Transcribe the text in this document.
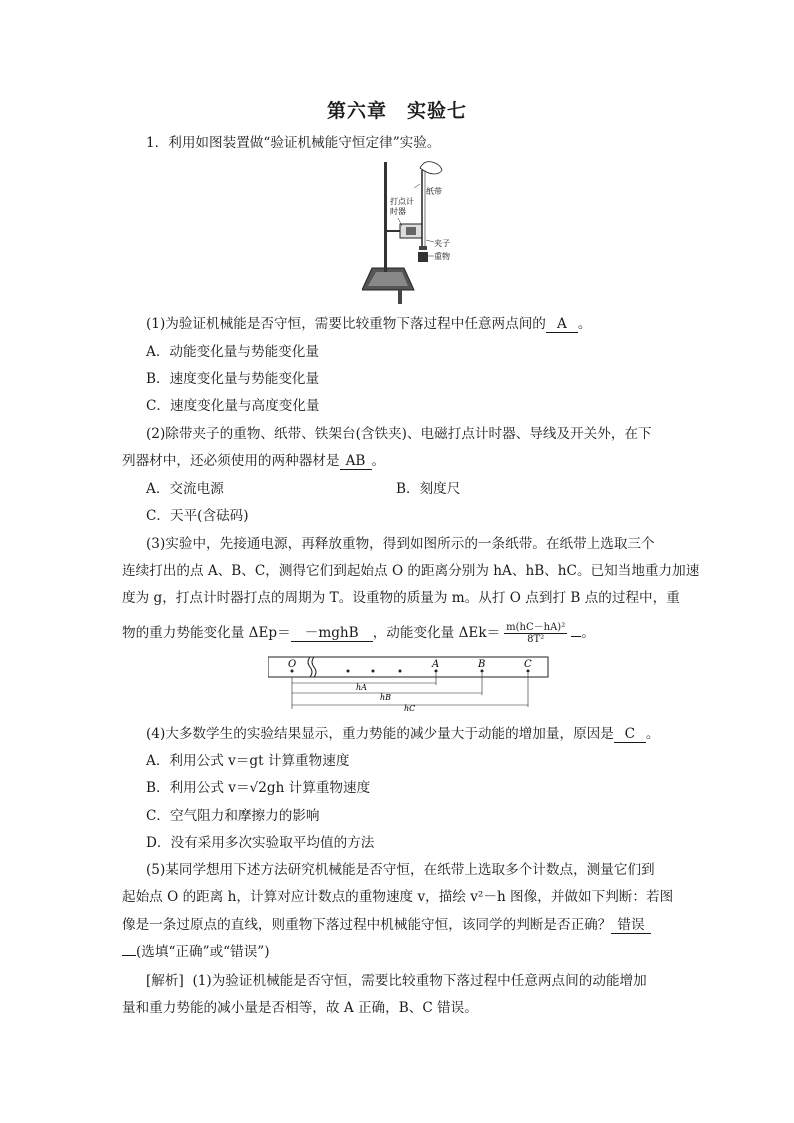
第六章　实验七
1．利用如图装置做“验证机械能守恒定律”实验。
打点计
时器
纸带
夹子
重物
(1)为验证机械能是否守恒，需要比较重物下落过程中任意两点间的 A 。
A．动能变化量与势能变化量
B．速度变化量与势能变化量
C．速度变化量与高度变化量
(2)除带夹子的重物、纸带、铁架台(含铁夹)、电磁打点计时器、导线及开关外，在下
列器材中，还必须使用的两种器材是 AB 。
A．交流电源	B．刻度尺
C．天平(含砝码)
(3)实验中，先接通电源，再释放重物，得到如图所示的一条纸带。在纸带上选取三个
连续打出的点 A、B、C，测得它们到起始点 O 的距离分别为 hA、hB、hC。已知当地重力加速
度为 g，打点计时器打点的周期为 T。设重物的质量为 m。从打 O 点到打 B 点的过程中，重
物的重力势能变化量 ΔEp＝ －mghB ，动能变化量 $\Delta Ek= \frac{\text{m(hC－hA)²}}{\text{8T²}}$ 。
O	A	B	C
hA
hB
hC
(4)大多数学生的实验结果显示，重力势能的减少量大于动能的增加量，原因是 C 。
A．利用公式 v＝gt 计算重物速度
B．利用公式 v＝√2gh 计算重物速度
C．空气阻力和摩擦力的影响
D．没有采用多次实验取平均值的方法
(5)某同学想用下述方法研究机械能是否守恒，在纸带上选取多个计数点，测量它们到
起始点 O 的距离 h，计算对应计数点的重物速度 v，描绘 v²－h 图像，并做如下判断：若图
像是一条过原点的直线，则重物下落过程中机械能守恒，该同学的判断是否正确？ 错误
(选填“正确”或“错误”)
[解析] (1)为验证机械能是否守恒，需要比较重物下落过程中任意两点间的动能增加
量和重力势能的减小量是否相等，故 A 正确，B、C 错误。
